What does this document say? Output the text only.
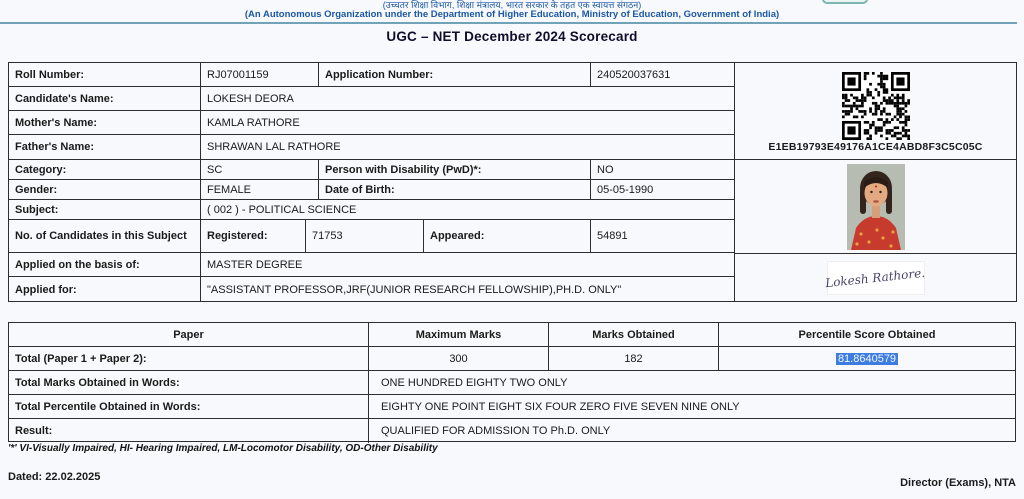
(उच्चतर शिक्षा विभाग, शिक्षा मंत्रालय, भारत सरकार के तहत एक स्वायत्त संगठन)
(An Autonomous Organization under the Department of Higher Education, Ministry of Education, Government of India)
UGC – NET December 2024 Scorecard
Roll Number:	RJ07001159	Application Number:	240520037631
Candidate's Name:	LOKESH DEORA
Mother's Name:	KAMLA RATHORE
Father's Name:	SHRAWAN LAL RATHORE
Category:	SC	Person with Disability (PwD)*:	NO
Gender:	FEMALE	Date of Birth:	05-05-1990
Subject:	( 002 ) - POLITICAL SCIENCE
No. of Candidates in this Subject	Registered:	71753	Appeared:	54891
Applied on the basis of:	MASTER DEGREE
Applied for:	"ASSISTANT PROFESSOR,JRF(JUNIOR RESEARCH FELLOWSHIP),PH.D. ONLY"
E1EB19793E49176A1CE4ABD8F3C5C05C
Lokesh Rathore.
Paper	Maximum Marks	Marks Obtained	Percentile Score Obtained
Total (Paper 1 + Paper 2):	300	182	81.8640579
Total Marks Obtained in Words:	ONE HUNDRED EIGHTY TWO ONLY
Total Percentile Obtained in Words:	EIGHTY ONE POINT EIGHT SIX FOUR ZERO FIVE SEVEN NINE ONLY
Result:	QUALIFIED FOR ADMISSION TO Ph.D. ONLY
'*' VI-Visually Impaired, HI- Hearing Impaired, LM-Locomotor Disability, OD-Other Disability
Dated: 22.02.2025	Director (Exams), NTA
